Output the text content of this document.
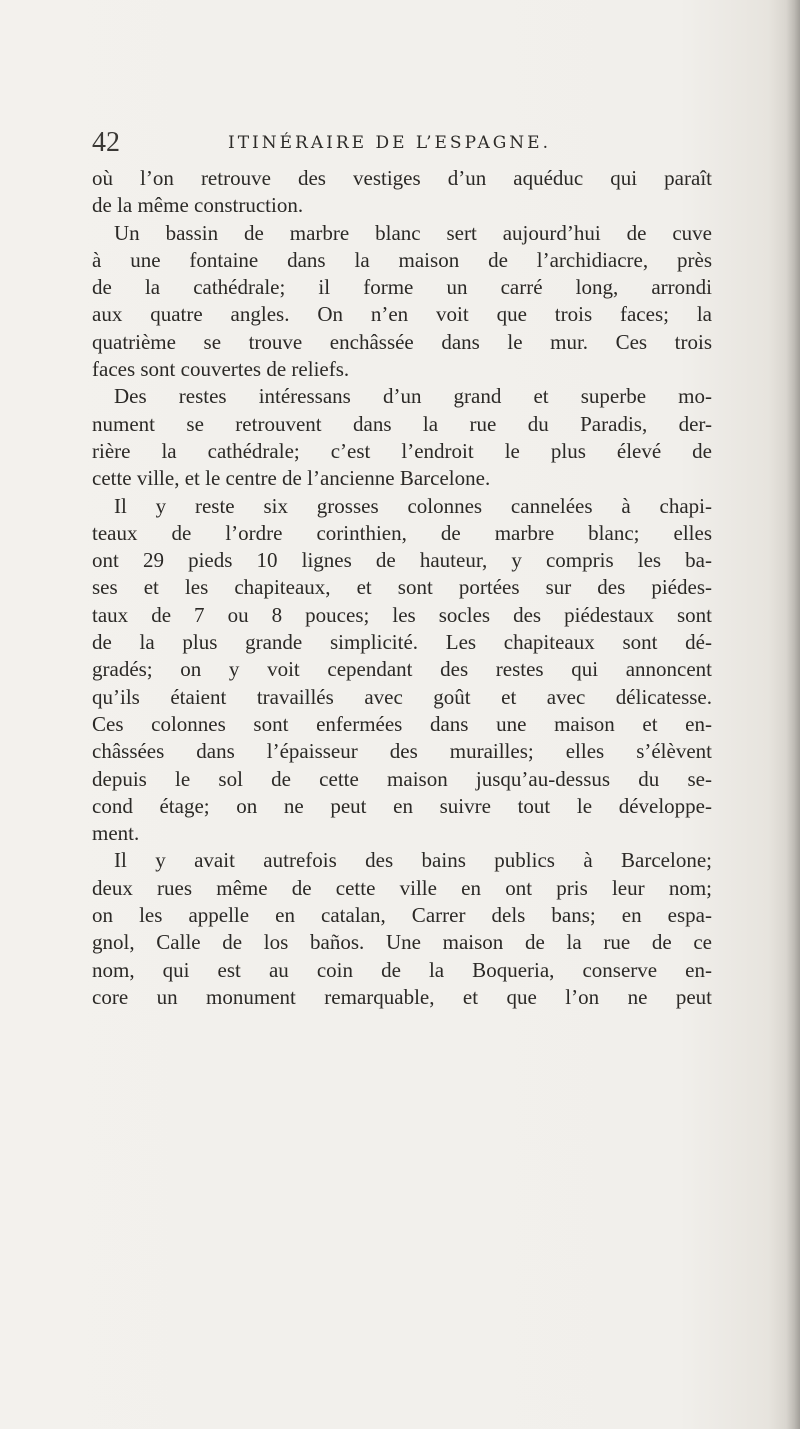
42	ITINÉRAIRE DE L’ESPAGNE.
où l’on retrouve des vestiges d’un aquéduc qui paraît
de la même construction.
Un bassin de marbre blanc sert aujourd’hui de cuve
à une fontaine dans la maison de l’archidiacre, près
de la cathédrale; il forme un carré long, arrondi
aux quatre angles. On n’en voit que trois faces; la
quatrième se trouve enchâssée dans le mur. Ces trois
faces sont couvertes de reliefs.
Des restes intéressans d’un grand et superbe mo-
nument se retrouvent dans la rue du Paradis, der-
rière la cathédrale; c’est l’endroit le plus élevé de
cette ville, et le centre de l’ancienne Barcelone.
Il y reste six grosses colonnes cannelées à chapi-
teaux de l’ordre corinthien, de marbre blanc; elles
ont 29 pieds 10 lignes de hauteur, y compris les ba-
ses et les chapiteaux, et sont portées sur des piédes-
taux de 7 ou 8 pouces; les socles des piédestaux sont
de la plus grande simplicité. Les chapiteaux sont dé-
gradés; on y voit cependant des restes qui annoncent
qu’ils étaient travaillés avec goût et avec délicatesse.
Ces colonnes sont enfermées dans une maison et en-
châssées dans l’épaisseur des murailles; elles s’élèvent
depuis le sol de cette maison jusqu’au-dessus du se-
cond étage; on ne peut en suivre tout le développe-
ment.
Il y avait autrefois des bains publics à Barcelone;
deux rues même de cette ville en ont pris leur nom;
on les appelle en catalan, Carrer dels bans; en espa-
gnol, Calle de los baños. Une maison de la rue de ce
nom, qui est au coin de la Boqueria, conserve en-
core un monument remarquable, et que l’on ne peut
